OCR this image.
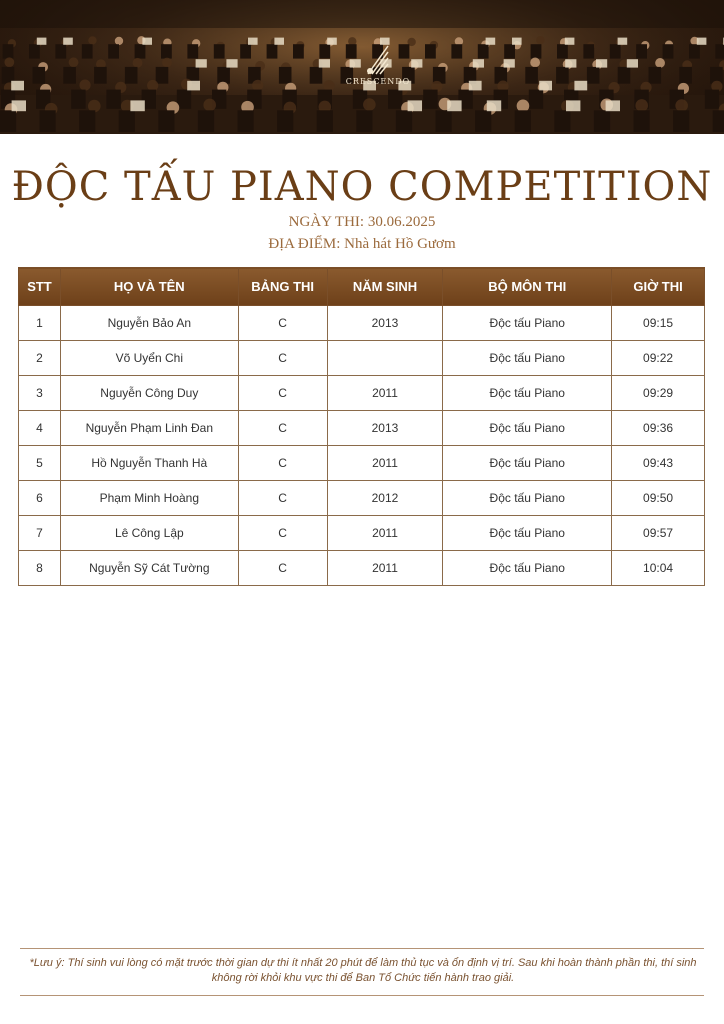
CRESCENDO
ĐỘC TẤU PIANO COMPETITION
NGÀY THI: 30.06.2025
ĐỊA ĐIỂM: Nhà hát Hồ Gươm
STT	HỌ VÀ TÊN	BẢNG THI	NĂM SINH	BỘ MÔN THI	GIỜ THI
1	Nguyễn Bảo An	C	2013	Độc tấu Piano	09:15
2	Võ Uyển Chi	C		Độc tấu Piano	09:22
3	Nguyễn Công Duy	C	2011	Độc tấu Piano	09:29
4	Nguyễn Phạm Linh Đan	C	2013	Độc tấu Piano	09:36
5	Hồ Nguyễn Thanh Hà	C	2011	Độc tấu Piano	09:43
6	Phạm Minh Hoàng	C	2012	Độc tấu Piano	09:50
7	Lê Công Lập	C	2011	Độc tấu Piano	09:57
8	Nguyễn Sỹ Cát Tường	C	2011	Độc tấu Piano	10:04
*Lưu ý: Thí sinh vui lòng có mặt trước thời gian dự thi ít nhất 20 phút để làm thủ tục và ổn định vị trí. Sau khi hoàn thành phần thi, thí sinh không rời khỏi khu vực thi để Ban Tổ Chức tiến hành trao giải.
